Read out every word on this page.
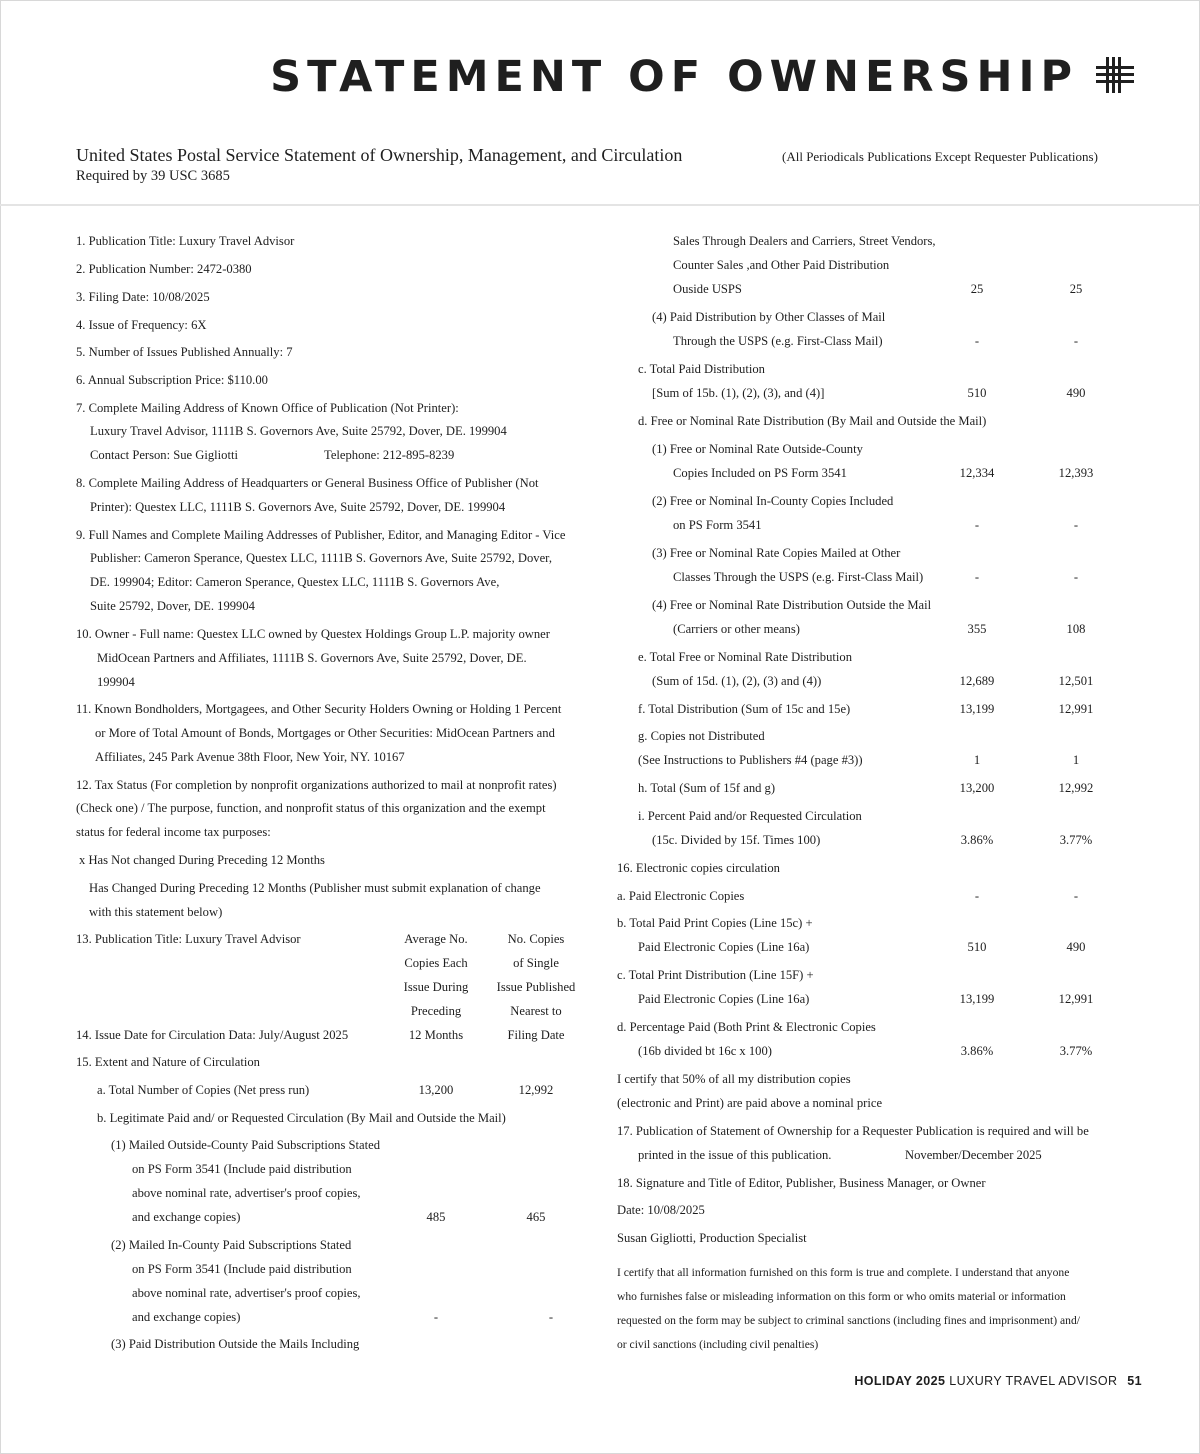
STATEMENT OF OWNERSHIP
United States Postal Service Statement of Ownership, Management, and Circulation
Required by 39 USC 3685
(All Periodicals Publications Except Requester Publications)
1. Publication Title: Luxury Travel Advisor
2. Publication Number: 2472-0380
3. Filing Date: 10/08/2025
4. Issue of Frequency: 6X
5. Number of Issues Published Annually: 7
6. Annual Subscription Price: $110.00
7. Complete Mailing Address of Known Office of Publication (Not Printer):
Luxury Travel Advisor, 1111B S. Governors Ave, Suite 25792, Dover, DE. 199904
Contact Person: Sue Gigliotti	Telephone: 212-895-8239
8. Complete Mailing Address of Headquarters or General Business Office of Publisher (Not
Printer): Questex LLC, 1111B S. Governors Ave, Suite 25792, Dover, DE. 199904
9. Full Names and Complete Mailing Addresses of Publisher, Editor, and Managing Editor - Vice
Publisher: Cameron Sperance, Questex LLC, 1111B S. Governors Ave, Suite 25792, Dover,
DE. 199904; Editor: Cameron Sperance, Questex LLC, 1111B S. Governors Ave,
Suite 25792, Dover, DE. 199904
10. Owner - Full name: Questex LLC owned by Questex Holdings Group L.P. majority owner
MidOcean Partners and Affiliates, 1111B S. Governors Ave, Suite 25792, Dover, DE.
199904
11. Known Bondholders, Mortgagees, and Other Security Holders Owning or Holding 1 Percent
or More of Total Amount of Bonds, Mortgages or Other Securities: MidOcean Partners and
Affiliates, 245 Park Avenue 38th Floor, New Yoir, NY. 10167
12. Tax Status (For completion by nonprofit organizations authorized to mail at nonprofit rates)
(Check one) / The purpose, function, and nonprofit status of this organization and the exempt
status for federal income tax purposes:
x Has Not changed During Preceding 12 Months
Has Changed During Preceding 12 Months (Publisher must submit explanation of change
with this statement below)
13. Publication Title: Luxury Travel Advisor	Average No.
Copies Each
Issue During
Preceding
12 Months
No. Copies
of Single
Issue Published
Nearest to
Filing Date
14. Issue Date for Circulation Data: July/August 2025
15. Extent and Nature of Circulation
a. Total Number of Copies (Net press run)	13,200	12,992
b. Legitimate Paid and/ or Requested Circulation (By Mail and Outside the Mail)
(1) Mailed Outside-County Paid Subscriptions Stated
on PS Form 3541 (Include paid distribution
above nominal rate, advertiser's proof copies,
and exchange copies)	485	465
(2) Mailed In-County Paid Subscriptions Stated
on PS Form 3541 (Include paid distribution
above nominal rate, advertiser's proof copies,
and exchange copies)	-	-
(3) Paid Distribution Outside the Mails Including
Sales Through Dealers and Carriers, Street Vendors,
Counter Sales ,and Other Paid Distribution
Ouside USPS	25	25
(4) Paid Distribution by Other Classes of Mail
Through the USPS (e.g. First-Class Mail)	-	-
c. Total Paid Distribution
[Sum of 15b. (1), (2), (3), and (4)]	510	490
d. Free or Nominal Rate Distribution (By Mail and Outside the Mail)
(1) Free or Nominal Rate Outside-County
Copies Included on PS Form 3541	12,334	12,393
(2) Free or Nominal In-County Copies Included
on PS Form 3541	-	-
(3) Free or Nominal Rate Copies Mailed at Other
Classes Through the USPS (e.g. First-Class Mail)	-	-
(4) Free or Nominal Rate Distribution Outside the Mail
(Carriers or other means)	355	108
e. Total Free or Nominal Rate Distribution
(Sum of 15d. (1), (2), (3) and (4))	12,689	12,501
f. Total Distribution (Sum of 15c and 15e)	13,199	12,991
g. Copies not Distributed
(See Instructions to Publishers #4 (page #3))	1	1
h. Total (Sum of 15f and g)	13,200	12,992
i. Percent Paid and/or Requested Circulation
(15c. Divided by 15f. Times 100)	3.86%	3.77%
16. Electronic copies circulation
a. Paid Electronic Copies	-	-
b. Total Paid Print Copies (Line 15c) +
Paid Electronic Copies (Line 16a)	510	490
c. Total Print Distribution (Line 15F) +
Paid Electronic Copies (Line 16a)	13,199	12,991
d. Percentage Paid (Both Print & Electronic Copies
(16b divided bt 16c x 100)	3.86%	3.77%
I certify that 50% of all my distribution copies
(electronic and Print) are paid above a nominal price
17. Publication of Statement of Ownership for a Requester Publication is required and will be
printed in the issue of this publication.	November/December 2025
18. Signature and Title of Editor, Publisher, Business Manager, or Owner
Date: 10/08/2025
Susan Gigliotti, Production Specialist
I certify that all information furnished on this form is true and complete. I understand that anyone
who furnishes false or misleading information on this form or who omits material or information
requested on the form may be subject to criminal sanctions (including fines and imprisonment) and/
or civil sanctions (including civil penalties)
HOLIDAY 2025 LUXURY TRAVEL ADVISOR 51
